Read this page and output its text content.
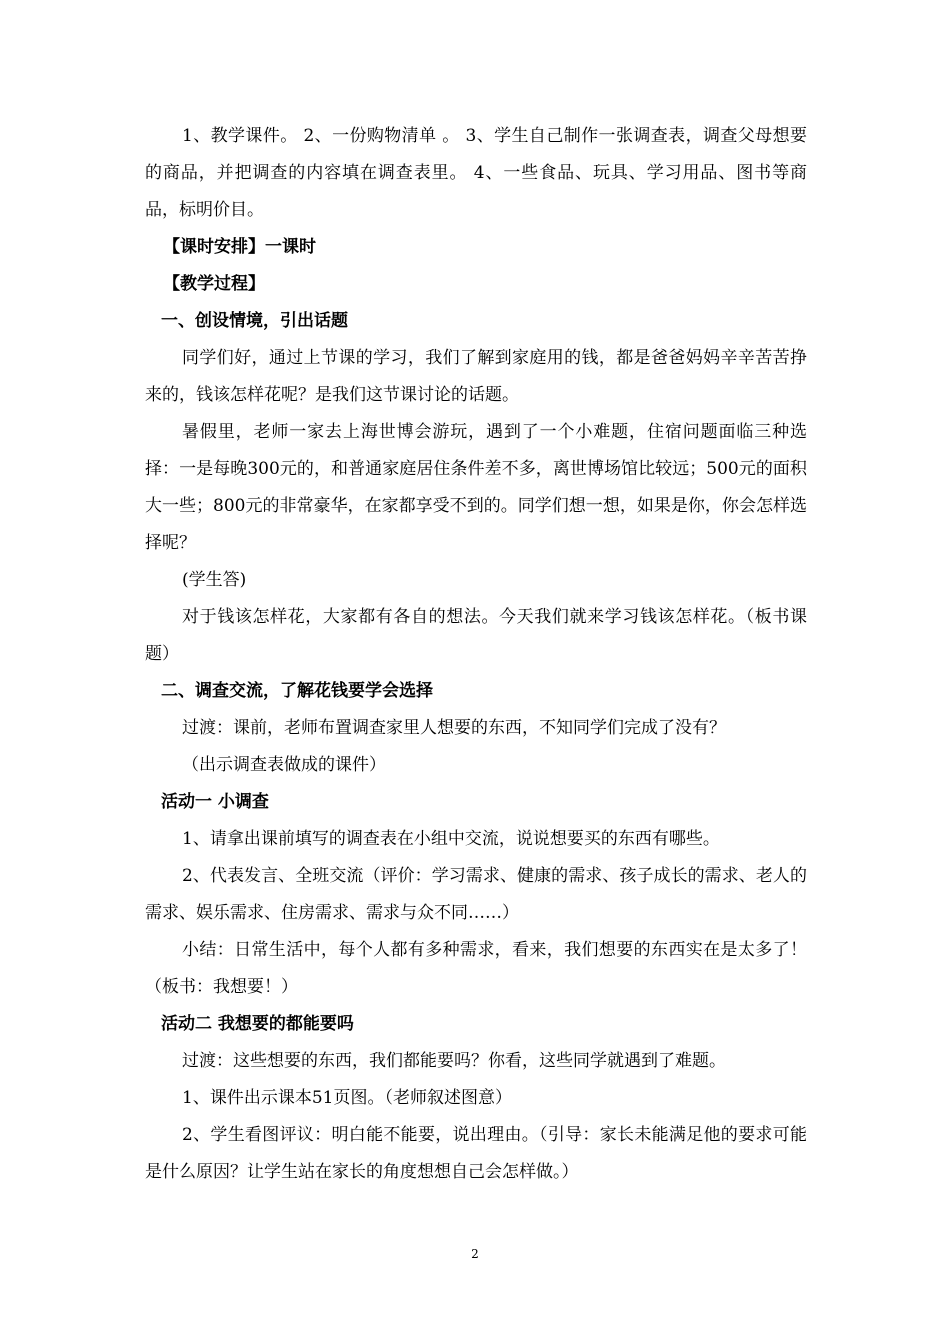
1、教学课件。 2、一份购物清单 。 3、学生自己制作一张调查表，调查父母想要的商品，并把调查的内容填在调查表里。 4、一些食品、玩具、学习用品、图书等商品，标明价目。

【课时安排】一课时

【教学过程】

一、创设情境，引出话题

同学们好，通过上节课的学习，我们了解到家庭用的钱，都是爸爸妈妈辛辛苦苦挣来的，钱该怎样花呢？是我们这节课讨论的话题。

暑假里，老师一家去上海世博会游玩，遇到了一个小难题，住宿问题面临三种选择：一是每晚300元的，和普通家庭居住条件差不多，离世博场馆比较远；500元的面积大一些；800元的非常豪华，在家都享受不到的。同学们想一想，如果是你，你会怎样选择呢？

(学生答)

对于钱该怎样花，大家都有各自的想法。今天我们就来学习钱该怎样花。（板书课题）

二、调查交流，了解花钱要学会选择

过渡：课前，老师布置调查家里人想要的东西，不知同学们完成了没有？

（出示调查表做成的课件）

活动一 小调查

1、请拿出课前填写的调查表在小组中交流，说说想要买的东西有哪些。

2、代表发言、全班交流（评价：学习需求、健康的需求、孩子成长的需求、老人的需求、娱乐需求、住房需求、需求与众不同……）

小结：日常生活中，每个人都有多种需求，看来，我们想要的东西实在是太多了！（板书：我想要！）

活动二 我想要的都能要吗

过渡：这些想要的东西，我们都能要吗？你看，这些同学就遇到了难题。

1、课件出示课本51页图。（老师叙述图意）

2、学生看图评议：明白能不能要，说出理由。（引导：家长未能满足他的要求可能是什么原因？让学生站在家长的角度想想自己会怎样做。）

2
